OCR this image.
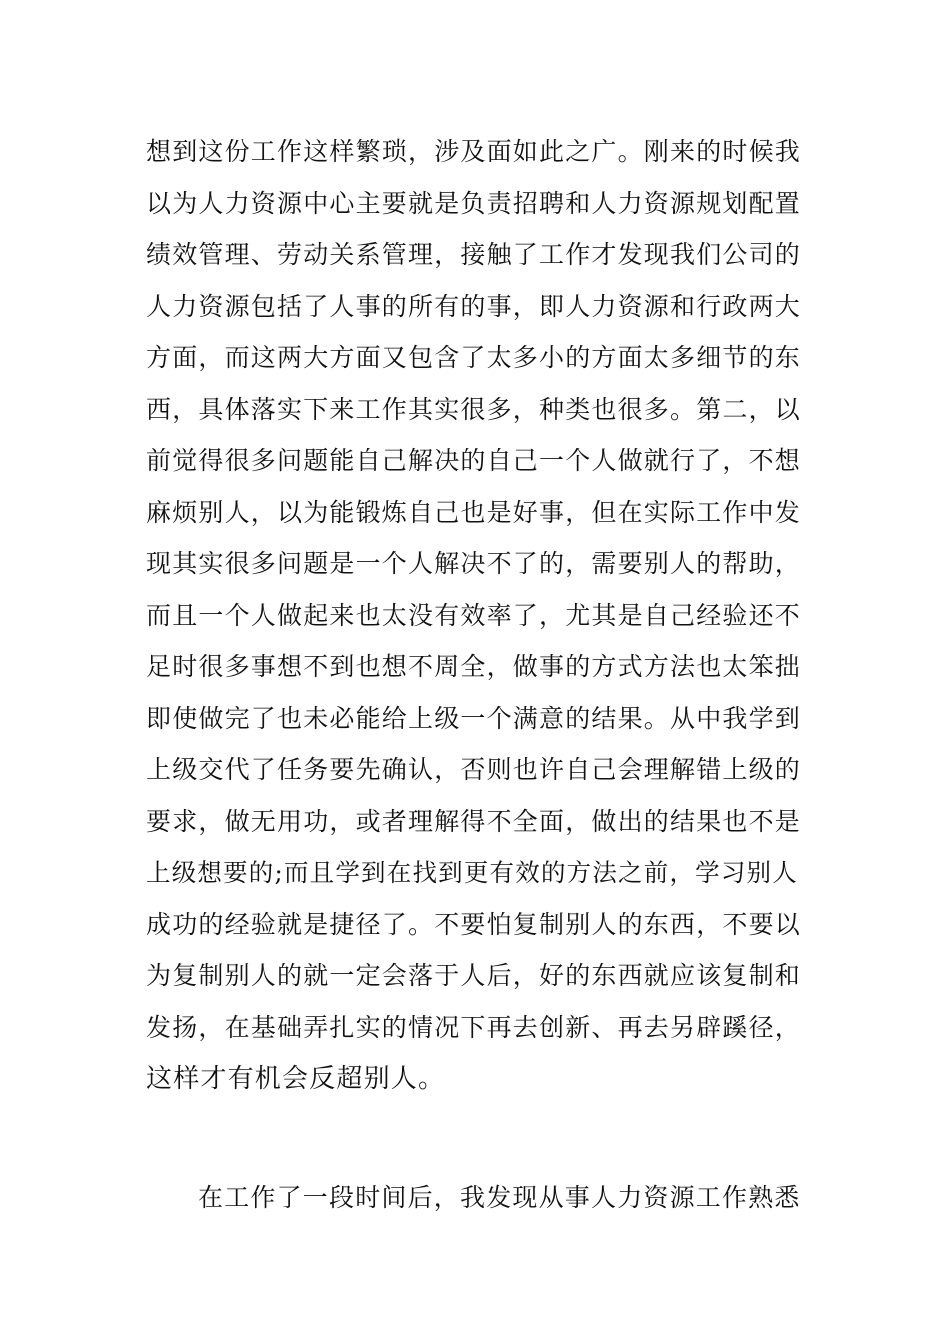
想到这份工作这样繁琐，涉及面如此之广。刚来的时候我

以为人力资源中心主要就是负责招聘和人力资源规划配置

绩效管理、劳动关系管理，接触了工作才发现我们公司的

人力资源包括了人事的所有的事，即人力资源和行政两大

方面，而这两大方面又包含了太多小的方面太多细节的东

西，具体落实下来工作其实很多，种类也很多。第二，以

前觉得很多问题能自己解决的自己一个人做就行了，不想

麻烦别人，以为能锻炼自己也是好事，但在实际工作中发

现其实很多问题是一个人解决不了的，需要别人的帮助，

而且一个人做起来也太没有效率了，尤其是自己经验还不

足时很多事想不到也想不周全，做事的方式方法也太笨拙

即使做完了也未必能给上级一个满意的结果。从中我学到

上级交代了任务要先确认，否则也许自己会理解错上级的

要求，做无用功，或者理解得不全面，做出的结果也不是

上级想要的;而且学到在找到更有效的方法之前，学习别人

成功的经验就是捷径了。不要怕复制别人的东西，不要以

为复制别人的就一定会落于人后，好的东西就应该复制和

发扬，在基础弄扎实的情况下再去创新、再去另辟蹊径，

这样才有机会反超别人。

在工作了一段时间后，我发现从事人力资源工作熟悉
